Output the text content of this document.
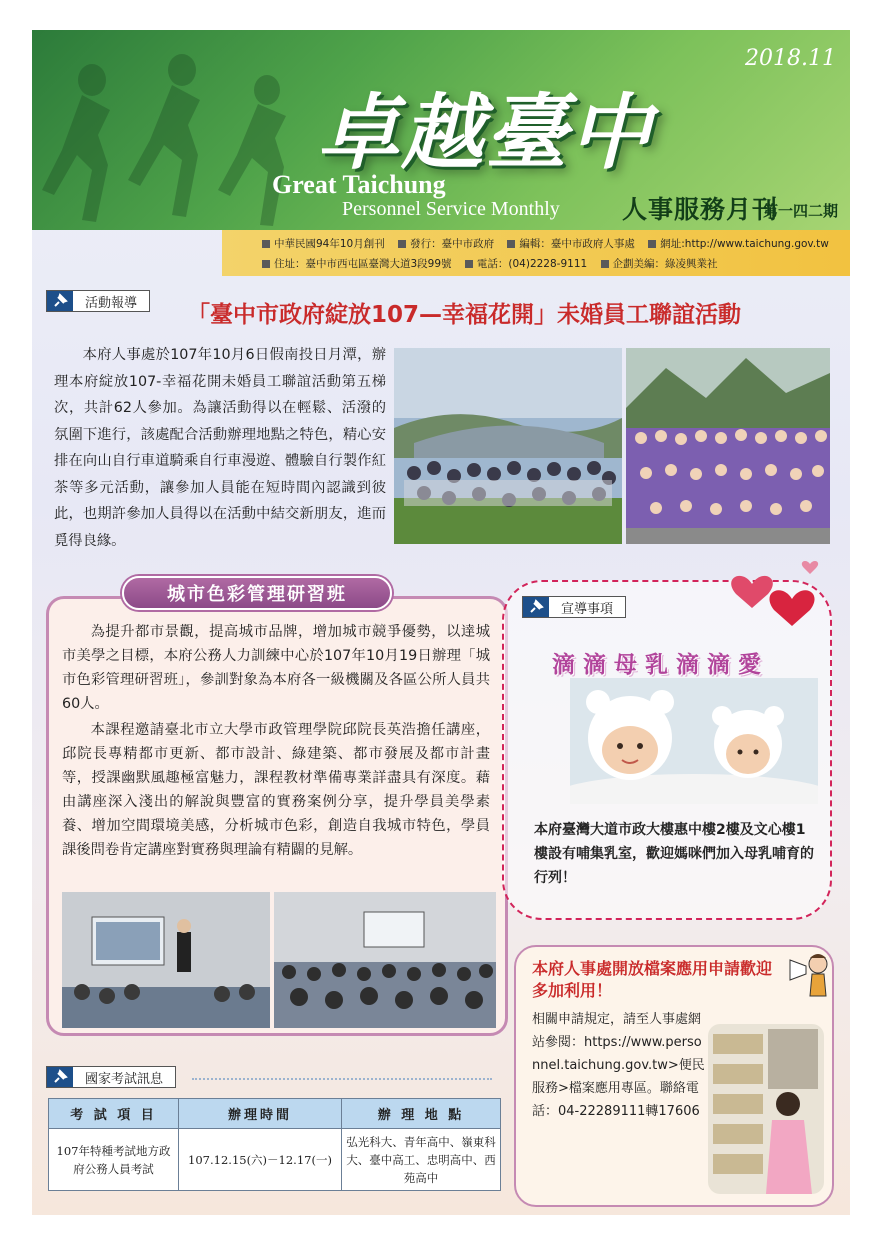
2018.11
卓越臺中
Great Taichung
Personnel Service Monthly 人事服務月刊
第一四二期
中華民國94年10月創刊 發行：臺中市政府 編輯：臺中市政府人事處 網址:http://www.taichung.gov.tw
住址：臺中市西屯區臺灣大道3段99號 電話：(04)2228-9111 企劃美編：綠凌興業社
活動報導	「臺中市政府綻放107—幸福花開」未婚員工聯誼活動
本府人事處於107年10月6日假南投日月潭，辦理本府綻放107-幸福花開未婚員工聯誼活動第五梯次，共計62人參加。為讓活動得以在輕鬆、活潑的氛圍下進行，該處配合活動辦理地點之特色，精心安排在向山自行車道騎乘自行車漫遊、體驗自行製作紅茶等多元活動，讓參加人員能在短時間內認識到彼此，也期許參加人員得以在活動中結交新朋友，進而覓得良緣。
城市色彩管理研習班

為提升都市景觀，提高城市品牌，增加城市競爭優勢，以達城市美學之目標，本府公務人力訓練中心於107年10月19日辦理「城市色彩管理研習班」，參訓對象為本府各一級機關及各區公所人員共60人。

本課程邀請臺北市立大學市政管理學院邱院長英浩擔任講座，邱院長專精都市更新、都市設計、綠建築、都市發展及都市計畫等，授課幽默風趣極富魅力，課程教材準備專業詳盡具有深度。藉由講座深入淺出的解說與豐富的實務案例分享，提升學員美學素養、增加空間環境美感，分析城市色彩，創造自我城市特色，學員課後問卷肯定講座對實務與理論有精闢的見解。

宣導事項
滴滴母乳滴滴愛
本府臺灣大道市政大樓惠中樓2樓及文心樓1樓設有哺集乳室，歡迎媽咪們加入母乳哺育的行列！
本府人事處開放檔案應用申請歡迎多加利用！
相關申請規定，請至人事處網站參閱：https://www.personnel.taichung.gov.tw>便民服務>檔案應用專區。聯絡電話：04-22289111轉17606
國家考試訊息
考 試 項 目	辦理時間	辦 理 地 點
107年特種考試地方政府公務人員考試	107.12.15(六)－12.17(一)	弘光科大、青年高中、嶺東科大、臺中高工、忠明高中、西苑高中
